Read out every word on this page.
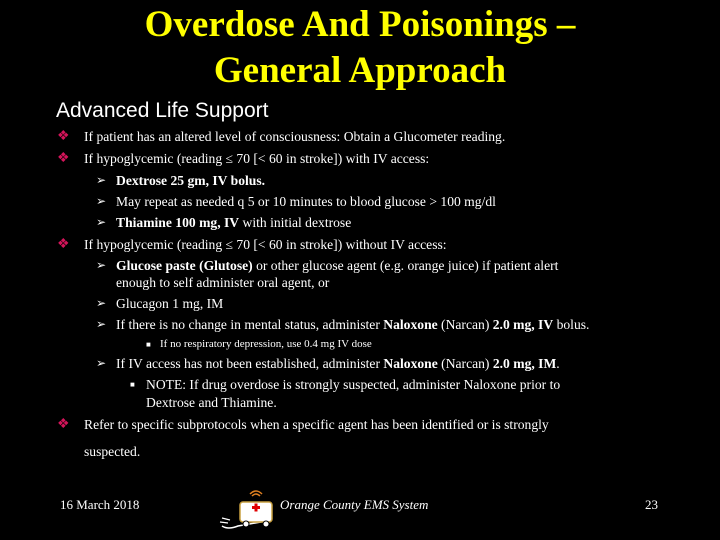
Overdose And Poisonings –
General Approach
Advanced Life Support
❖ If patient has an altered level of consciousness: Obtain a Glucometer reading.
❖ If hypoglycemic (reading ≤ 70 [< 60 in stroke]) with IV access:
➢ Dextrose 25 gm, IV bolus.
➢ May repeat as needed q 5 or 10 minutes to blood glucose > 100 mg/dl
➢ Thiamine 100 mg, IV with initial dextrose
❖ If hypoglycemic (reading ≤ 70 [< 60 in stroke]) without IV access:
➢ Glucose paste (Glutose) or other glucose agent (e.g. orange juice) if patient alert
enough to self administer oral agent, or
➢ Glucagon 1 mg, IM
➢ If there is no change in mental status, administer Naloxone (Narcan) 2.0 mg, IV bolus.
■ If no respiratory depression, use 0.4 mg IV dose
➢ If IV access has not been established, administer Naloxone (Narcan) 2.0 mg, IM.
■ NOTE: If drug overdose is strongly suspected, administer Naloxone prior to
Dextrose and Thiamine.
❖ Refer to specific subprotocols when a specific agent has been identified or is strongly
suspected.
16 March 2018	Orange County EMS System	23
